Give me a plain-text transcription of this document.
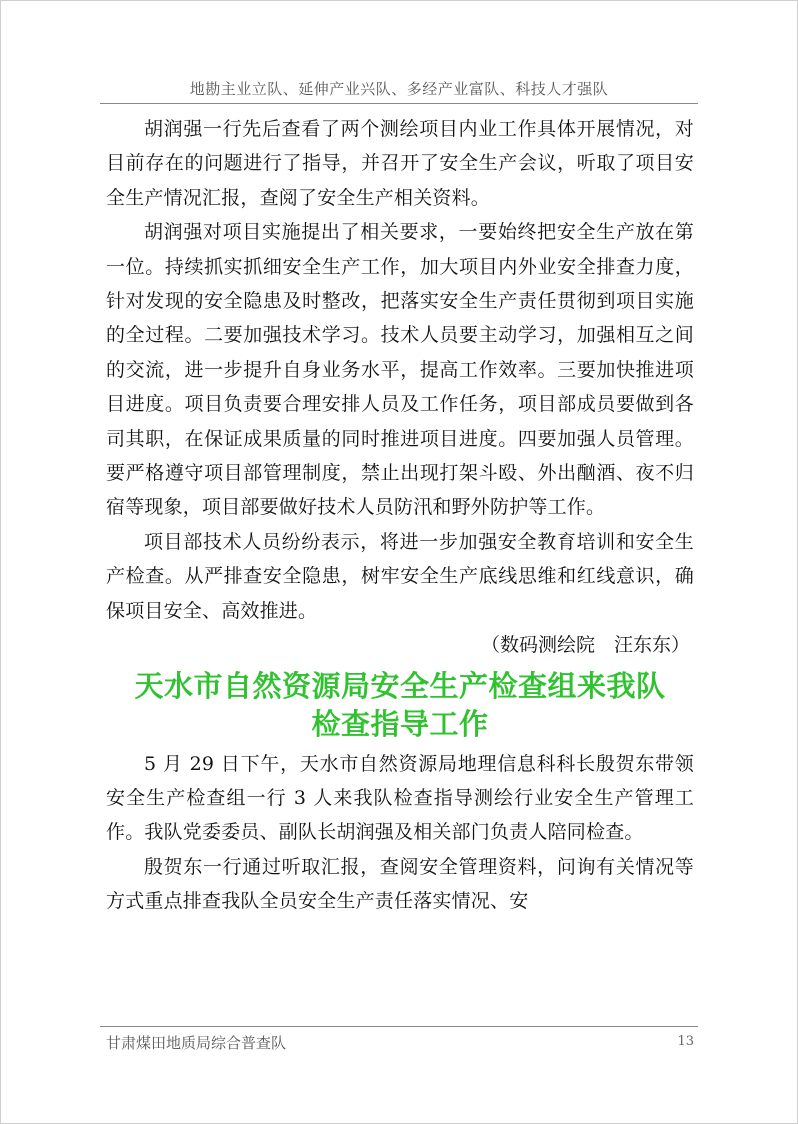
地勘主业立队、延伸产业兴队、多经产业富队、科技人才强队

胡润强一行先后查看了两个测绘项目内业工作具体开展情况，对目前存在的问题进行了指导，并召开了安全生产会议，听取了项目安全生产情况汇报，查阅了安全生产相关资料。

胡润强对项目实施提出了相关要求，一要始终把安全生产放在第一位。持续抓实抓细安全生产工作，加大项目内外业安全排查力度，针对发现的安全隐患及时整改，把落实安全生产责任贯彻到项目实施的全过程。二要加强技术学习。技术人员要主动学习，加强相互之间的交流，进一步提升自身业务水平，提高工作效率。三要加快推进项目进度。项目负责要合理安排人员及工作任务，项目部成员要做到各司其职，在保证成果质量的同时推进项目进度。四要加强人员管理。要严格遵守项目部管理制度，禁止出现打架斗殴、外出酗酒、夜不归宿等现象，项目部要做好技术人员防汛和野外防护等工作。

项目部技术人员纷纷表示，将进一步加强安全教育培训和安全生产检查。从严排查安全隐患，树牢安全生产底线思维和红线意识，确保项目安全、高效推进。

（数码测绘院　汪东东）

天水市自然资源局安全生产检查组来我队
检查指导工作

5 月 29 日下午，天水市自然资源局地理信息科科长殷贺东带领安全生产检查组一行 3 人来我队检查指导测绘行业安全生产管理工作。我队党委委员、副队长胡润强及相关部门负责人陪同检查。

殷贺东一行通过听取汇报，查阅安全管理资料，问询有关情况等方式重点排查我队全员安全生产责任落实情况、安

甘肃煤田地质局综合普查队	13
